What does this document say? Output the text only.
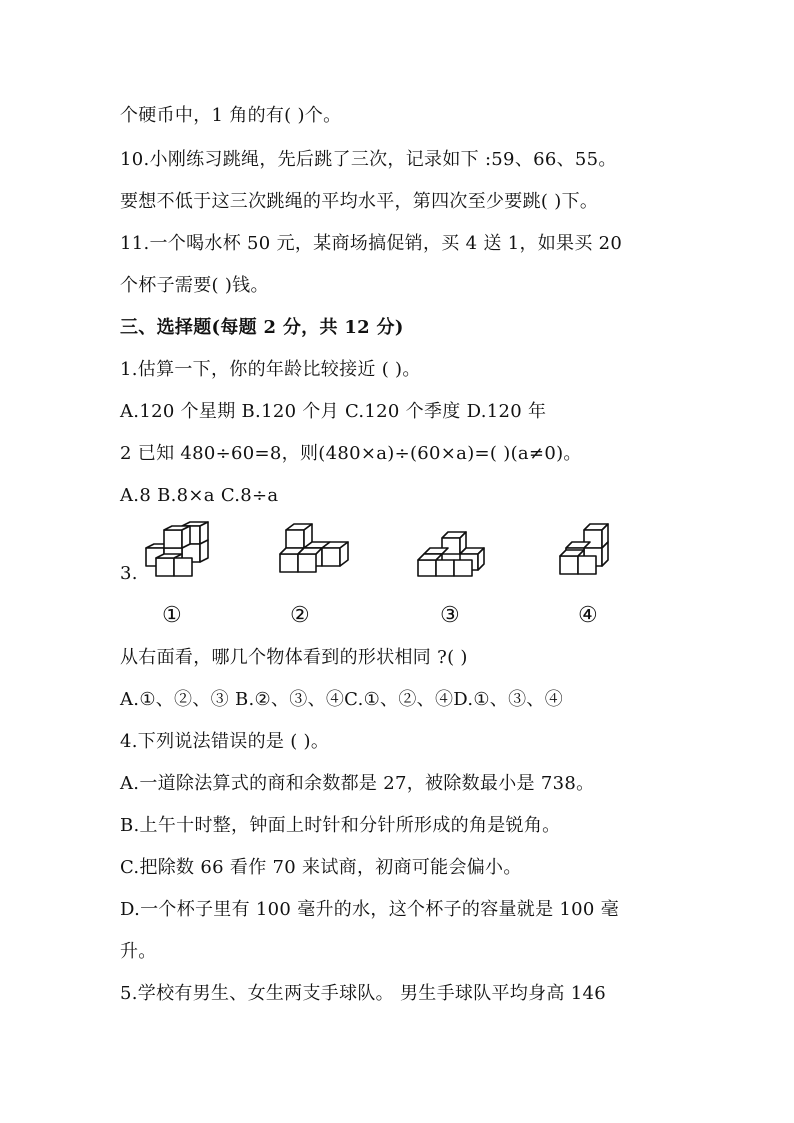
个硬币中，1 角的有( )个。
10.小刚练习跳绳，先后跳了三次，记录如下 :59、66、55。
要想不低于这三次跳绳的平均水平，第四次至少要跳( )下。
11.一个喝水杯 50 元，某商场搞促销，买 4 送 1，如果买 20
个杯子需要( )钱。
三、选择题(每题 2 分，共 12 分)
1.估算一下，你的年龄比较接近 ( )。
A.120 个星期 B.120 个月 C.120 个季度 D.120 年
2 已知 480÷60=8，则(480×a)÷(60×a)=( )(a≠0)。
A.8 B.8×a C.8÷a
3.
①	②	③	④
从右面看，哪几个物体看到的形状相同 ?( )
A.①、②、③ B.②、③、④C.①、②、④D.①、③、④
4.下列说法错误的是 ( )。
A.一道除法算式的商和余数都是 27，被除数最小是 738。
B.上午十时整，钟面上时针和分针所形成的角是锐角。
C.把除数 66 看作 70 来试商，初商可能会偏小。
D.一个杯子里有 100 毫升的水，这个杯子的容量就是 100 毫
升。
5.学校有男生、女生两支手球队。 男生手球队平均身高 146
